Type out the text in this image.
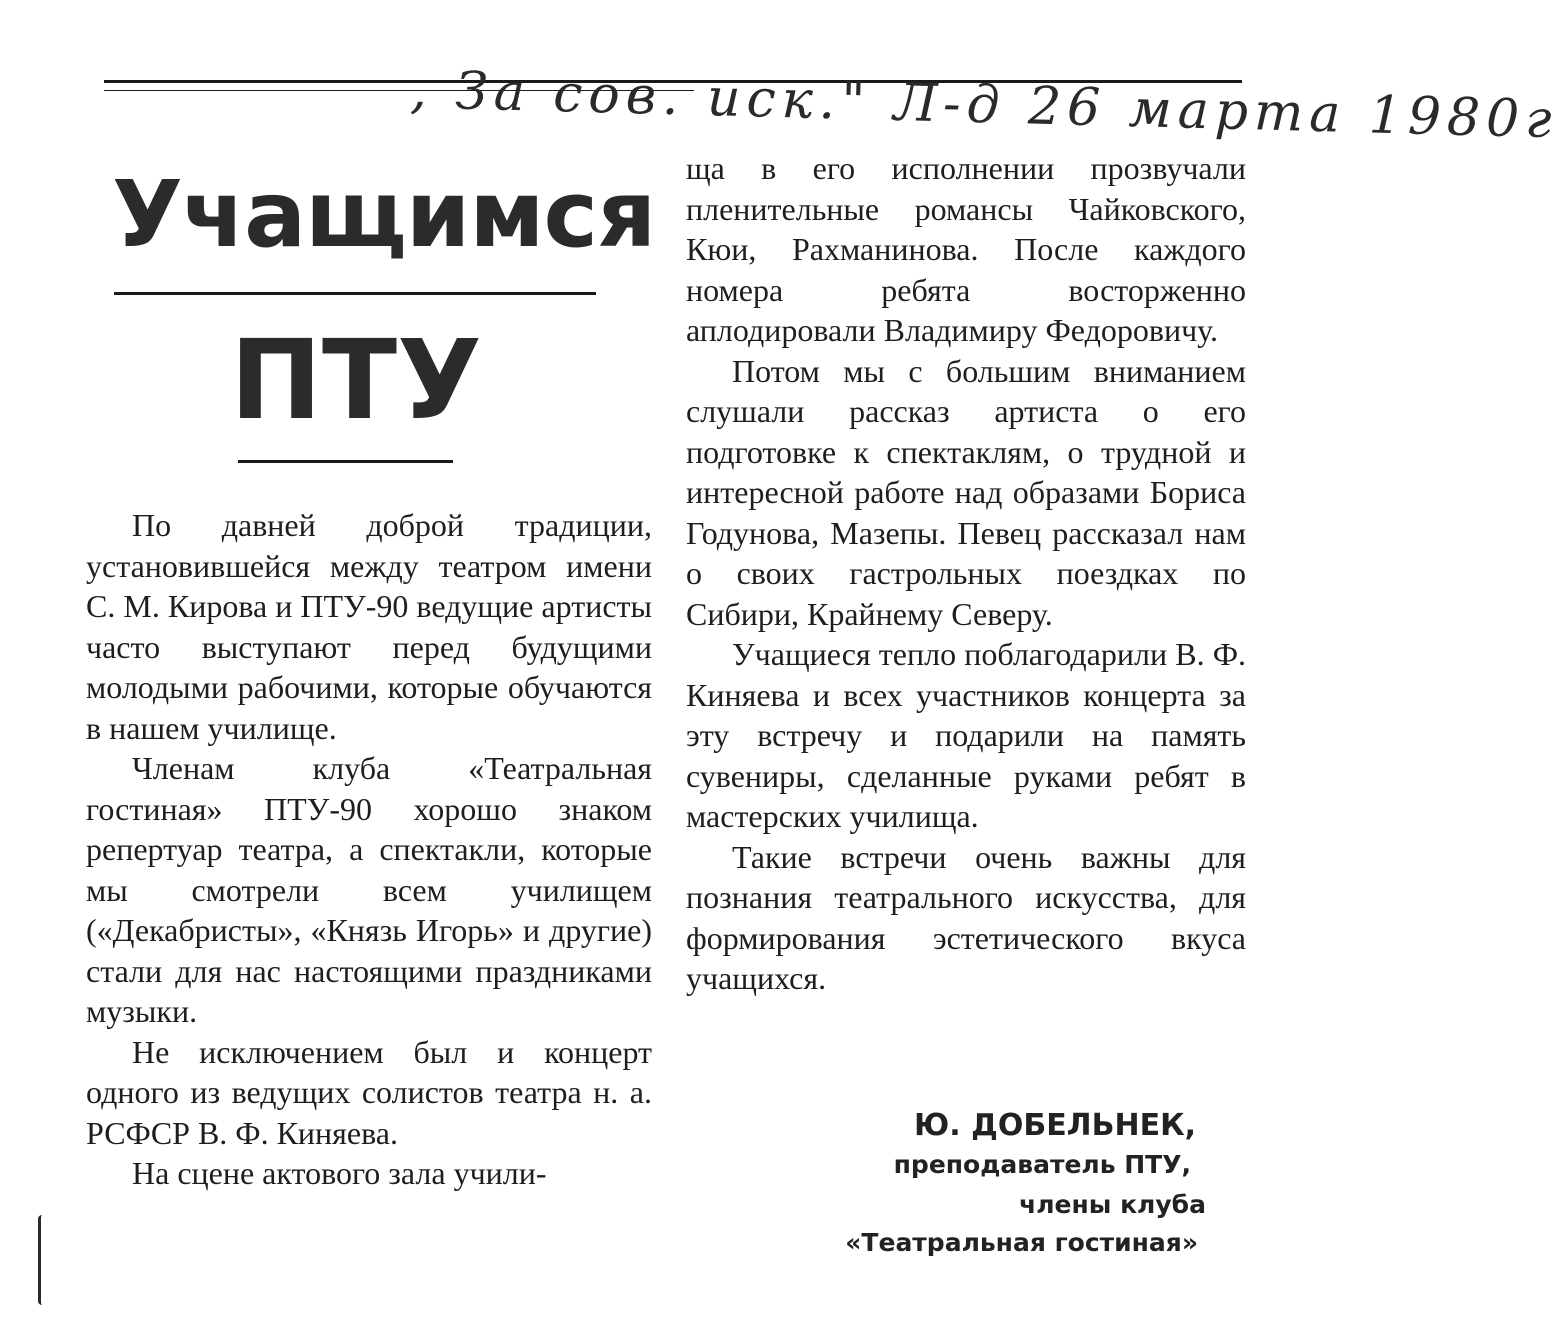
, За сов. иск." Л-д 26 марта 1980г
Учащимся
ПТУ

По давней доброй традиции, установившейся между театром имени С. М. Кирова и ПТУ-90 ведущие артисты часто выступают перед будущими молодыми рабочими, которые обучаются в нашем училище.

Членам клуба «Театральная гостиная» ПТУ-90 хорошо знаком репертуар театра, а спектакли, которые мы смотрели всем училищем («Декабристы», «Князь Игорь» и другие) стали для нас настоящими праздниками музыки.

Не исключением был и концерт одного из ведущих солистов театра н. а. РСФСР В. Ф. Киняева.

На сцене актового зала учили-

ща в его исполнении прозвучали пленительные романсы Чайковского, Кюи, Рахманинова. После каждого номера ребята восторженно аплодировали Владимиру Федоровичу.

Потом мы с большим вниманием слушали рассказ артиста о его подготовке к спектаклям, о трудной и интересной работе над образами Бориса Годунова, Мазепы. Певец рассказал нам о своих гастрольных поездках по Сибири, Крайнему Северу.

Учащиеся тепло поблагодарили В. Ф. Киняева и всех участников концерта за эту встречу и подарили на память сувениры, сделанные руками ребят в мастерских училища.

Такие встречи очень важны для познания театрального искусства, для формирования эстетического вкуса учащихся.

Ю. ДОБЕЛЬНЕК,
преподаватель ПТУ,
члены клуба
«Театральная гостиная»
